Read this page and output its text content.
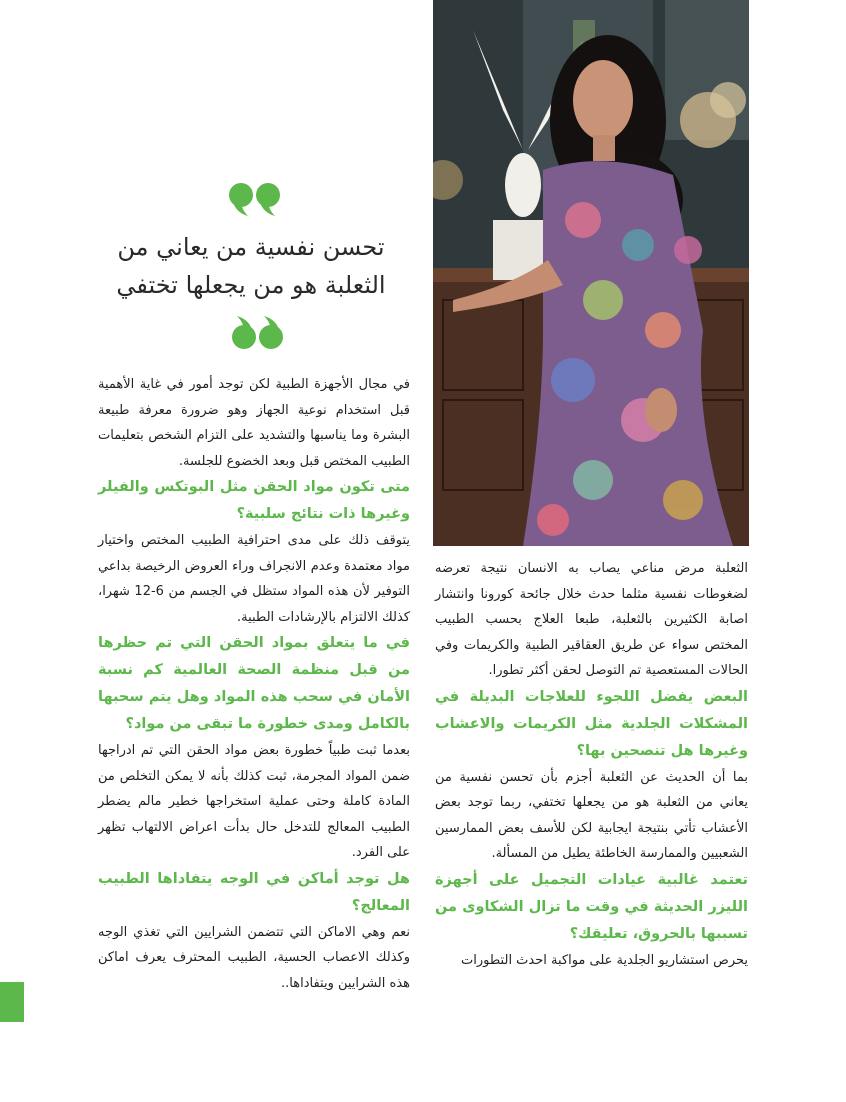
تحسن نفسية من يعاني من
الثعلبة هو من يجعلها تختفي

الثعلبة مرض مناعي يصاب به الانسان نتيجة تعرضه لضغوطات نفسية مثلما حدث خلال جائحة كورونا وانتشار اصابة الكثيرين بالثعلبة، طبعا العلاج بحسب الطبيب المختص سواء عن طريق العقاقير الطبية والكريمات وفي الحالات المستعصية تم التوصل لحقن أكثر تطورا.

البعض يفضل اللجوء للعلاجات البديلة في المشكلات الجلدية مثل الكريمات والاعشاب وغيرها هل تنصحين بها؟

بما أن الحديث عن الثعلبة أجزم بأن تحسن نفسية من يعاني من الثعلبة هو من يجعلها تختفي، ربما توجد بعض الأعشاب تأتي بنتيجة ايجابية لكن للأسف بعض الممارسين الشعبيين والممارسة الخاطئة يطيل من المسألة.

تعتمد غالبية عيادات التجميل على أجهزة الليزر الحديثة في وقت ما تزال الشكاوى من تسببها بالحروق، تعليقك؟

يحرص استشاريو الجلدية على مواكبة احدث التطورات

في مجال الأجهزة الطبية لكن توجد أمور في غاية الأهمية قبل استخدام نوعية الجهاز وهو ضرورة معرفة طبيعة البشرة وما يناسبها والتشديد على التزام الشخص بتعليمات الطبيب المختص قبل وبعد الخضوع للجلسة.

متى تكون مواد الحقن مثل البوتكس والفيلر وغيرها ذات نتائج سلبية؟

يتوقف ذلك على مدى احترافية الطبيب المختص واختيار مواد معتمدة وعدم الانجراف وراء العروض الرخيصة بداعي التوفير لأن هذه المواد ستظل في الجسم من 6-12 شهرا، كذلك الالتزام بالإرشادات الطبية.

في ما يتعلق بمواد الحقن التي تم حظرها من قبل منظمة الصحة العالمية كم نسبة الأمان في سحب هذه المواد وهل يتم سحبها بالكامل ومدى خطورة ما تبقى من مواد؟

بعدما ثبت طبياً خطورة بعض مواد الحقن التي تم ادراجها ضمن المواد المجرمة، ثبت كذلك بأنه لا يمكن التخلص من المادة كاملة وحتى عملية استخراجها خطير مالم يضطر الطبيب المعالج للتدخل حال بدأت اعراض الالتهاب تظهر على الفرد.

هل توجد أماكن في الوجه يتفاداها الطبيب المعالج؟

نعم وهي الاماكن التي تتضمن الشرايين التي تغذي الوجه وكذلك الاعصاب الحسية، الطبيب المحترف يعرف اماكن هذه الشرايين ويتفاداها..
